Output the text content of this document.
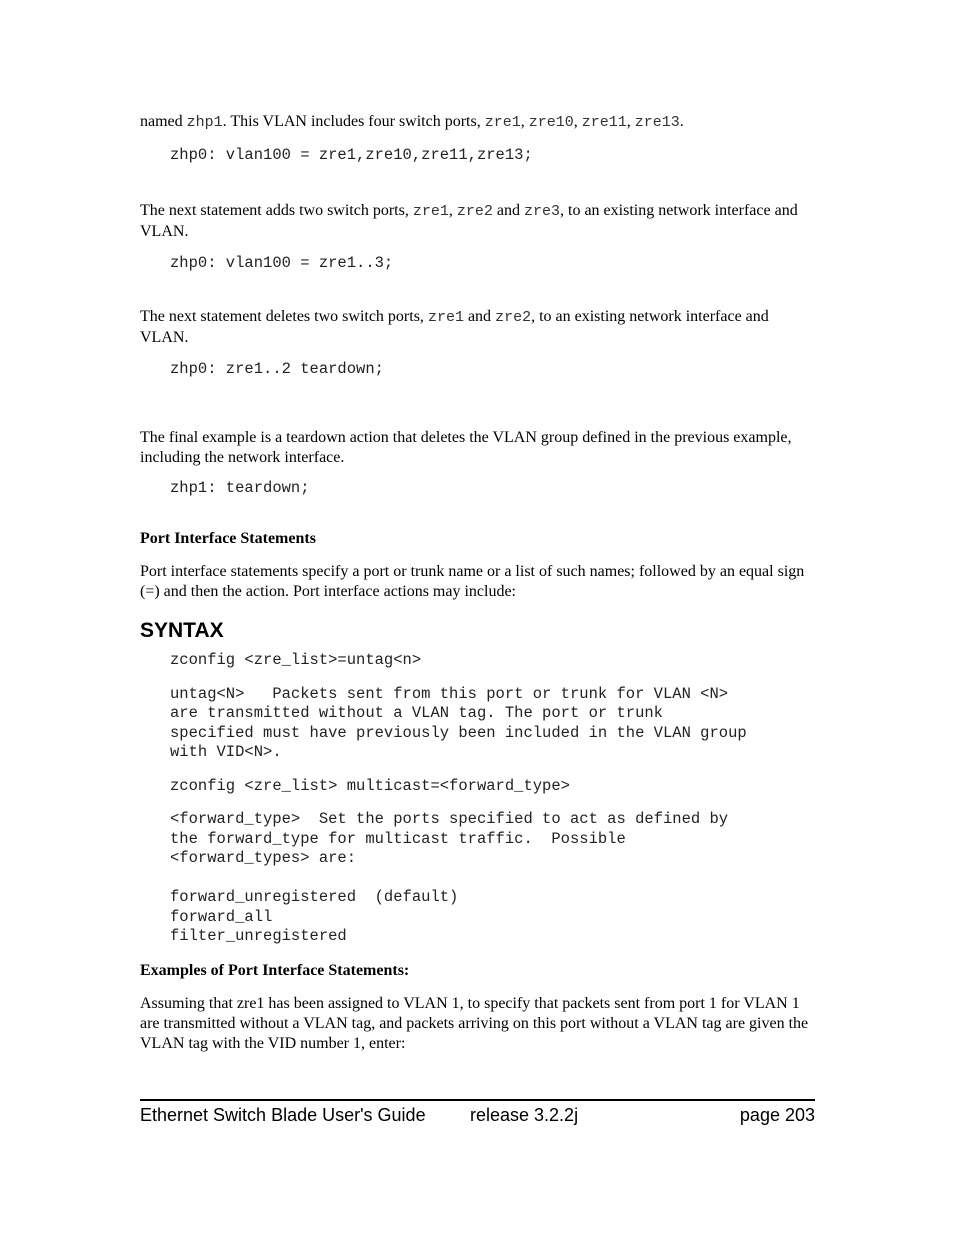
named zhp1. This VLAN includes four switch ports, zre1, zre10, zre11, zre13.

zhp0: vlan100 = zre1,zre10,zre11,zre13;

The next statement adds two switch ports, zre1, zre2 and zre3, to an existing network interface and VLAN.

zhp0: vlan100 = zre1..3;

The next statement deletes two switch ports, zre1 and zre2, to an existing network interface and VLAN.

zhp0: zre1..2 teardown;

The final example is a teardown action that deletes the VLAN group defined in the previous example, including the network interface.

zhp1: teardown;
Port Interface Statements

Port interface statements specify a port or trunk name or a list of such names; followed by an equal sign (=) and then the action. Port interface actions may include:

SYNTAX
zconfig <zre_list>=untag<n>
untag<N>   Packets sent from this port or trunk for VLAN <N>
are transmitted without a VLAN tag. The port or trunk
specified must have previously been included in the VLAN group
with VID<N>.
zconfig <zre_list> multicast=<forward_type>
<forward_type>  Set the ports specified to act as defined by
the forward_type for multicast traffic.  Possible
<forward_types> are:

forward_unregistered  (default)
forward_all
filter_unregistered
Examples of Port Interface Statements:

Assuming that zre1 has been assigned to VLAN 1, to specify that packets sent from port 1 for VLAN 1 are transmitted without a VLAN tag, and packets arriving on this port without a VLAN tag are given the VLAN tag with the VID number 1, enter:

Ethernet Switch Blade User's Guide release 3.2.2j	page 203
